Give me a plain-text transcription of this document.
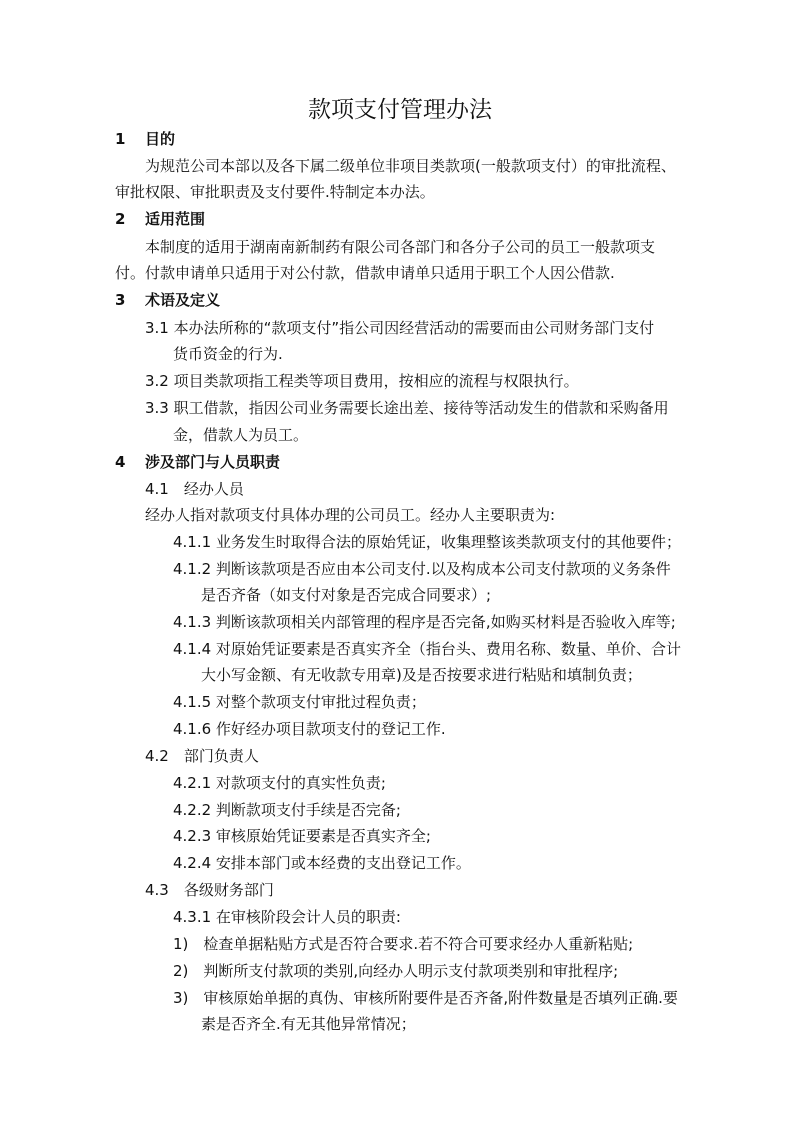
款项支付管理办法
1 目的
为规范公司本部以及各下属二级单位非项目类款项(一般款项支付）的审批流程、
审批权限、审批职责及支付要件.特制定本办法。
2 适用范围
本制度的适用于湖南南新制药有限公司各部门和各分子公司的员工一般款项支
付。付款申请单只适用于对公付款，借款申请单只适用于职工个人因公借款.
3 术语及定义
3.1 本办法所称的“款项支付”指公司因经营活动的需要而由公司财务部门支付
货币资金的行为.
3.2 项目类款项指工程类等项目费用，按相应的流程与权限执行。
3.3 职工借款，指因公司业务需要长途出差、接待等活动发生的借款和采购备用
金，借款人为员工。
4 涉及部门与人员职责
4.1　经办人员
经办人指对款项支付具体办理的公司员工。经办人主要职责为:
4.1.1 业务发生时取得合法的原始凭证，收集理整该类款项支付的其他要件；
4.1.2 判断该款项是否应由本公司支付.以及构成本公司支付款项的义务条件
是否齐备（如支付对象是否完成合同要求）;
4.1.3 判断该款项相关内部管理的程序是否完备,如购买材料是否验收入库等;
4.1.4 对原始凭证要素是否真实齐全（指台头、费用名称、数量、单价、合计
大小写金额、有无收款专用章)及是否按要求进行粘贴和填制负责；
4.1.5 对整个款项支付审批过程负责；
4.1.6 作好经办项目款项支付的登记工作.
4.2　部门负责人
4.2.1 对款项支付的真实性负责;
4.2.2 判断款项支付手续是否完备;
4.2.3 审核原始凭证要素是否真实齐全;
4.2.4 安排本部门或本经费的支出登记工作。
4.3　各级财务部门
4.3.1 在审核阶段会计人员的职责:
1)　检查单据粘贴方式是否符合要求.若不符合可要求经办人重新粘贴;
2)　判断所支付款项的类别,向经办人明示支付款项类别和审批程序;
3)　审核原始单据的真伪、审核所附要件是否齐备,附件数量是否填列正确.要
素是否齐全.有无其他异常情况；
